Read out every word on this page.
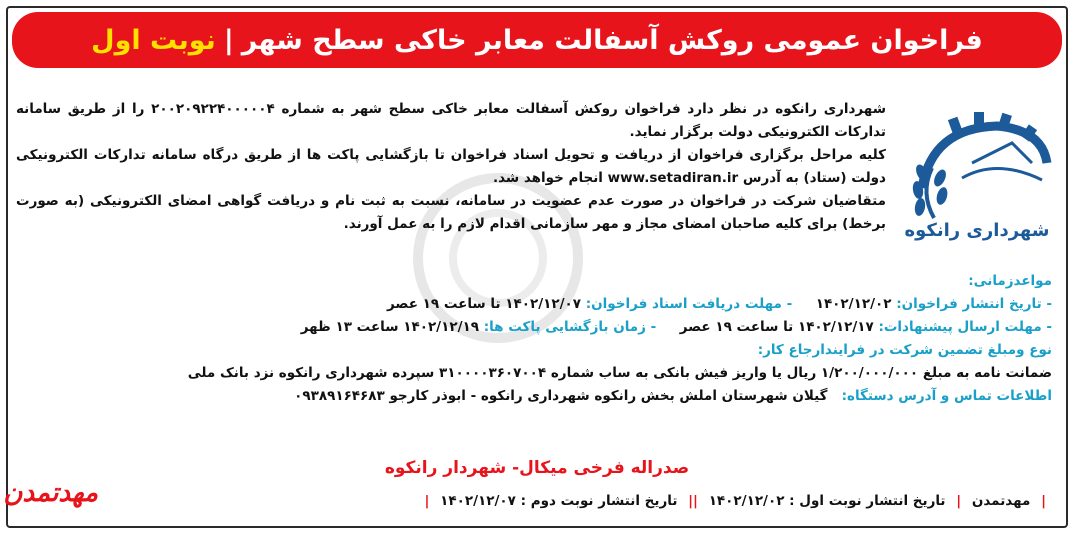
فراخوان عمومی روکش آسفالت معابر خاکی سطح شهر
|
نوبت اول
شهرداری رانکوه

شهرداری رانکوه در نظر دارد فراخوان روکش آسفالت معابر خاکی سطح شهر به شماره ۲۰۰۲۰۹۲۲۴۰۰۰۰۰۴ را از طریق سامانه تدارکات الکترونیکی دولت برگزار نماید.

کلیه مراحل برگزاری فراخوان از دریافت و تحویل اسناد فراخوان تا بازگشایی پاکت ها از طریق درگاه سامانه تدارکات الکترونیکی دولت (ستاد) به آدرس www.setadiran.ir انجام خواهد شد.

متقاضیان شرکت در فراخوان در صورت عدم عضویت در سامانه، نسبت به ثبت نام و دریافت گواهی امضای الکترونیکی (به صورت برخط) برای کلیه صاحبان امضای مجاز و مهر سازمانی اقدام لازم را به عمل آورند.

مواعدزمانی:
- تاریخ انتشار فراخوان: ۱۴۰۲/۱۲/۰۲     - مهلت دریافت اسناد فراخوان: ۱۴۰۲/۱۲/۰۷ تا ساعت ۱۹ عصر
- مهلت ارسال پیشنهادات: ۱۴۰۲/۱۲/۱۷ تا ساعت ۱۹ عصر     - زمان بازگشایی پاکت ها: ۱۴۰۲/۱۲/۱۹ ساعت ۱۳ ظهر
نوع ومبلغ تضمین شرکت در فرایندارجاع کار:
ضمانت نامه به مبلغ ۱/۲۰۰/۰۰۰/۰۰۰ ریال یا واریز فیش بانکی به ساب شماره ۳۱۰۰۰۰۳۶۰۷۰۰۴ سپرده شهرداری رانکوه نزد بانک ملی
اطلاعات تماس و آدرس دستگاه:   گیلان شهرستان املش بخش رانکوه شهرداری رانکوه - ابوذر کارجو ۰۹۳۸۹۱۶۴۶۸۳
صدراله فرخی میکال- شهردار رانکوه
| مهدتمدن | تاریخ انتشار نوبت اول : ۱۴۰۲/۱۲/۰۲ || تاریخ انتشار نوبت دوم : ۱۴۰۲/۱۲/۰۷ |
مهدتمدن
